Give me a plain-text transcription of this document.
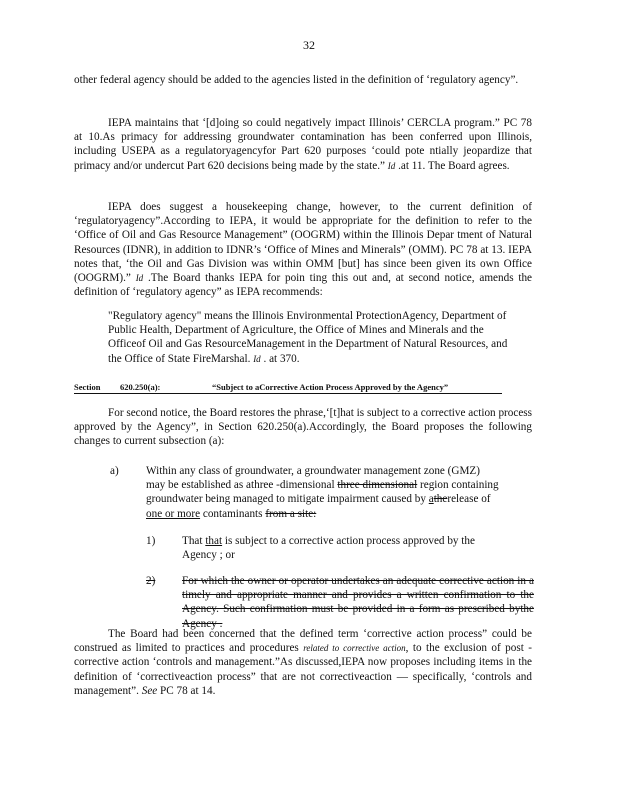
32
other federal agency should be added to the agencies listed in the definition of ‘regulatory agency”.
IEPA maintains that ‘[d]oing so could negatively impact Illinois’ CERCLA program.” PC 78 at 10.As primacy for addressing groundwater contamination has been conferred upon Illinois, including USEPA as a regulatoryagencyfor Part 620 purposes ‘could pote ntially jeopardize that primacy and/or undercut Part 620 decisions being made by the state.” Id .at 11. The Board agrees.
IEPA does suggest a housekeeping change, however, to the current definition of ‘regulatoryagency”.According to IEPA, it would be appropriate for the definition to refer to the ‘Office of Oil and Gas Resource Management” (OOGRM) within the Illinois Depar tment of Natural Resources (IDNR), in addition to IDNR’s ‘Office of Mines and Minerals” (OMM). PC 78 at 13. IEPA notes that, ‘the Oil and Gas Division was within OMM [but] has since been given its own Office (OOGRM).” Id .The Board thanks IEPA for poin ting this out and, at second notice, amends the definition of ‘regulatory agency” as IEPA recommends:
"Regulatory agency" means the Illinois Environmental ProtectionAgency, Department of Public Health, Department of Agriculture, the Office of Mines and Minerals and the Officeof Oil and Gas ResourceManagement in the Department of Natural Resources, and the Office of State FireMarshal. Id . at 370.
Section 620.250(a):	“Subject to aCorrective Action Process Approved by the Agency”
For second notice, the Board restores the phrase,‘[t]hat is subject to a corrective action process approved by the Agency”, in Section 620.250(a).Accordingly, the Board proposes the following changes to current subsection (a):
a) Within any class of groundwater, a groundwater management zone (GMZ) may be established as athree -dimensional three dimensional region containing groundwater being managed to mitigate impairment caused by atherelease of one or more contaminants from a site:
1) That that is subject to a corrective action process approved by the Agency ; or
2) For which the owner or operator undertakes an adequate corrective action in a timely and appropriate manner and provides a written confirmation to the Agency. Such confirmation must be provided in a form as prescribed bythe Agency .
The Board had been concerned that the defined term ‘corrective action process” could be construed as limited to practices and procedures related to corrective action, to the exclusion of post -corrective action ‘controls and management.”As discussed,IEPA now proposes including items in the definition of ‘correctiveaction process” that are not correctiveaction — specifically, ‘controls and management”. See PC 78 at 14.
